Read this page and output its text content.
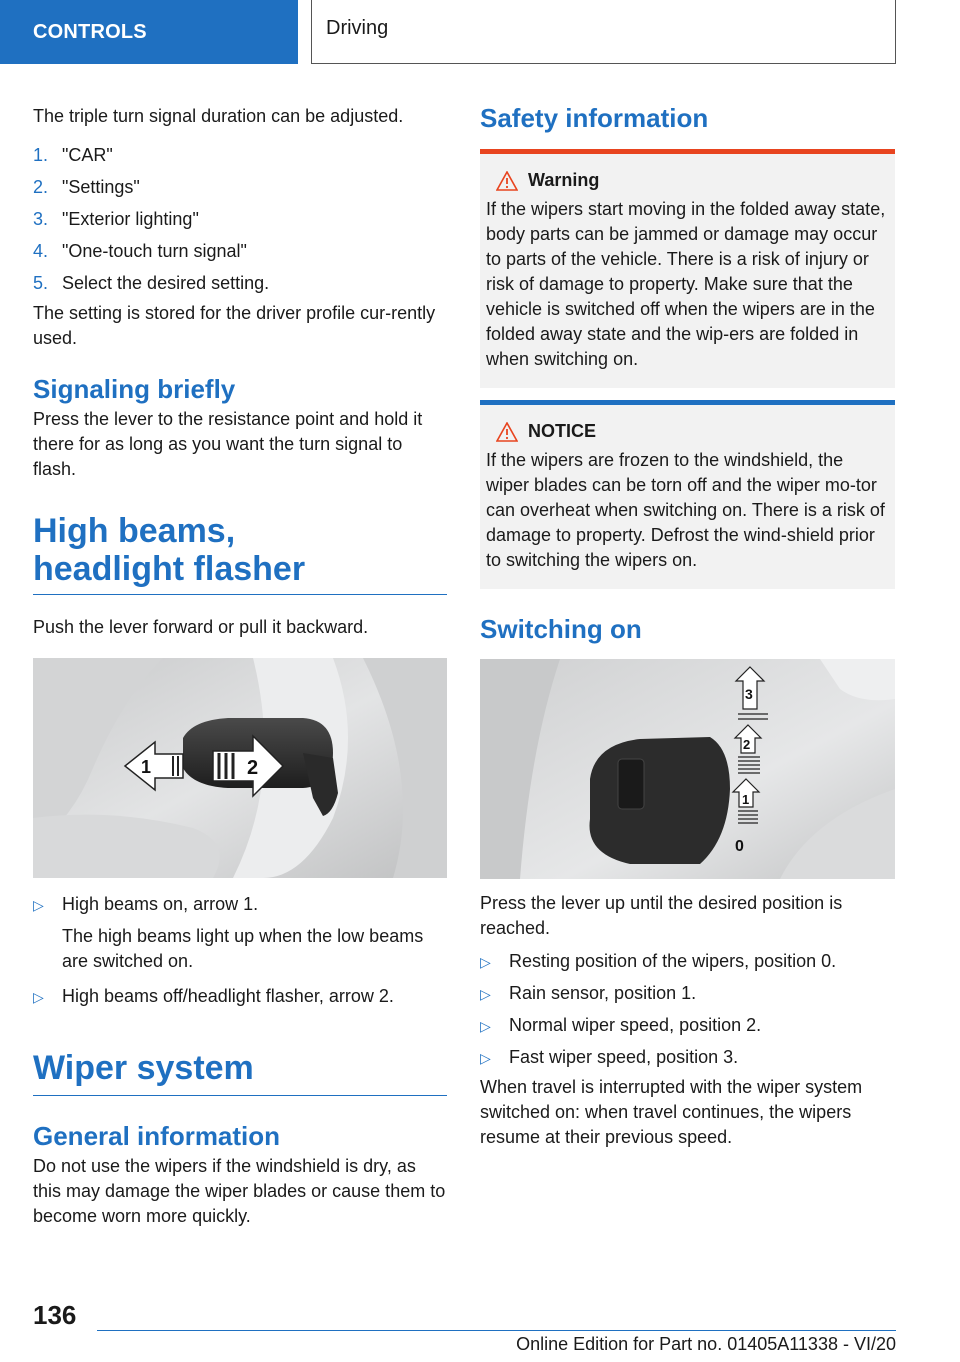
CONTROLS	Driving

The triple turn signal duration can be adjusted.

1. "CAR"
2. "Settings"
3. "Exterior lighting"
4. "One-touch turn signal"
5. Select the desired setting.

The setting is stored for the driver profile cur-rently used.

Signaling briefly

Press the lever to the resistance point and hold it there for as long as you want the turn signal to flash.

High beams,
headlight flasher

Push the lever forward or pull it backward.

1	2
▷ High beams on, arrow 1.
The high beams light up when the low beams are switched on.
▷ High beams off/headlight flasher, arrow 2.
Wiper system
General information

Do not use the wipers if the windshield is dry, as this may damage the wiper blades or cause them to become worn more quickly.

Safety information
Warning

If the wipers start moving in the folded away state, body parts can be jammed or damage may occur to parts of the vehicle. There is a risk of injury or risk of damage to property. Make sure that the vehicle is switched off when the wipers are in the folded away state and the wip-ers are folded in when switching on.

NOTICE

If the wipers are frozen to the windshield, the wiper blades can be torn off and the wiper mo-tor can overheat when switching on. There is a risk of damage to property. Defrost the wind-shield prior to switching the wipers on.

Switching on
3
2
1
0

Press the lever up until the desired position is reached.

▷ Resting position of the wipers, position 0.
▷ Rain sensor, position 1.
▷ Normal wiper speed, position 2.
▷ Fast wiper speed, position 3.

When travel is interrupted with the wiper system switched on: when travel continues, the wipers resume at their previous speed.

136
Online Edition for Part no. 01405A11338 - VI/20
